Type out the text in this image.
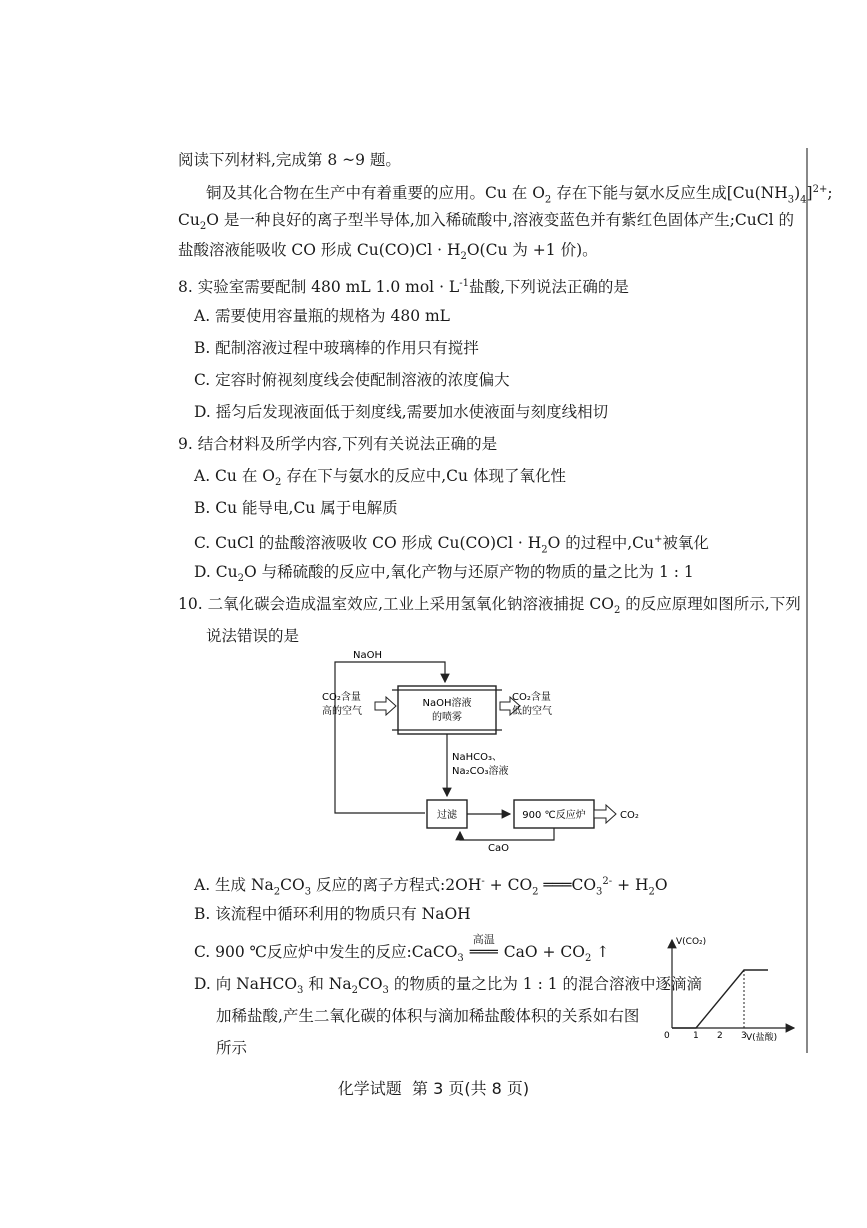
阅读下列材料,完成第 8 ~9 题。
铜及其化合物在生产中有着重要的应用。Cu 在 $O_2$ 存在下能与氨水反应生成$[Cu(NH_3)_4]^{2+}$;
$Cu_2O$ 是一种良好的离子型半导体,加入稀硫酸中,溶液变蓝色并有紫红色固体产生;CuCl 的
盐酸溶液能吸收 CO 形成 $Cu(CO)Cl \cdot H_2O(Cu$ 为 +1 价)。
8. 实验室需要配制 480 mL 1.0 mol · $L^{-1}$盐酸,下列说法正确的是
A. 需要使用容量瓶的规格为 480 mL
B. 配制溶液过程中玻璃棒的作用只有搅拌
C. 定容时俯视刻度线会使配制溶液的浓度偏大
D. 摇匀后发现液面低于刻度线,需要加水使液面与刻度线相切
9. 结合材料及所学内容,下列有关说法正确的是
A. Cu 在 $O_2$ 存在下与氨水的反应中,Cu 体现了氧化性
B. Cu 能导电,Cu 属于电解质
C. CuCl 的盐酸溶液吸收 CO 形成 $Cu(CO)Cl \cdot H_2O$ 的过程中,Cu+被氧化
D. $Cu_2O$ 与稀硫酸的反应中,氧化产物与还原产物的物质的量之比为 1 : 1
10. 二氧化碳会造成温室效应,工业上采用氢氧化钠溶液捕捉 $CO_2$ 的反应原理如图所示,下列
说法错误的是
NaOH
NaOH溶液
的喷雾
CO₂含量
高的空气
CO₂含量
低的空气
NaHCO₃、
Na₂CO₃溶液
过滤	900 ℃反应炉	CO₂
CaO
A. 生成 $Na_2CO_3$ 反应的离子方程式:2OH- + $CO_2$ $═══CO_3^{2-} + H_2O$
B. 该流程中循环利用的物质只有 NaOH
C. 900 ℃反应炉中发生的反应:CaCO$_3$
高温
═══ CaO + $CO_2$ ↑
D. 向 NaHCO$_3$ 和 $Na_2CO_3$ 的物质的量之比为 1 : 1 的混合溶液中逐滴滴
加稀盐酸,产生二氧化碳的体积与滴加稀盐酸体积的关系如右图
所示
V(CO₂)
V(盐酸)
0	1 2 3
化学试题 第 3 页(共 8 页)
